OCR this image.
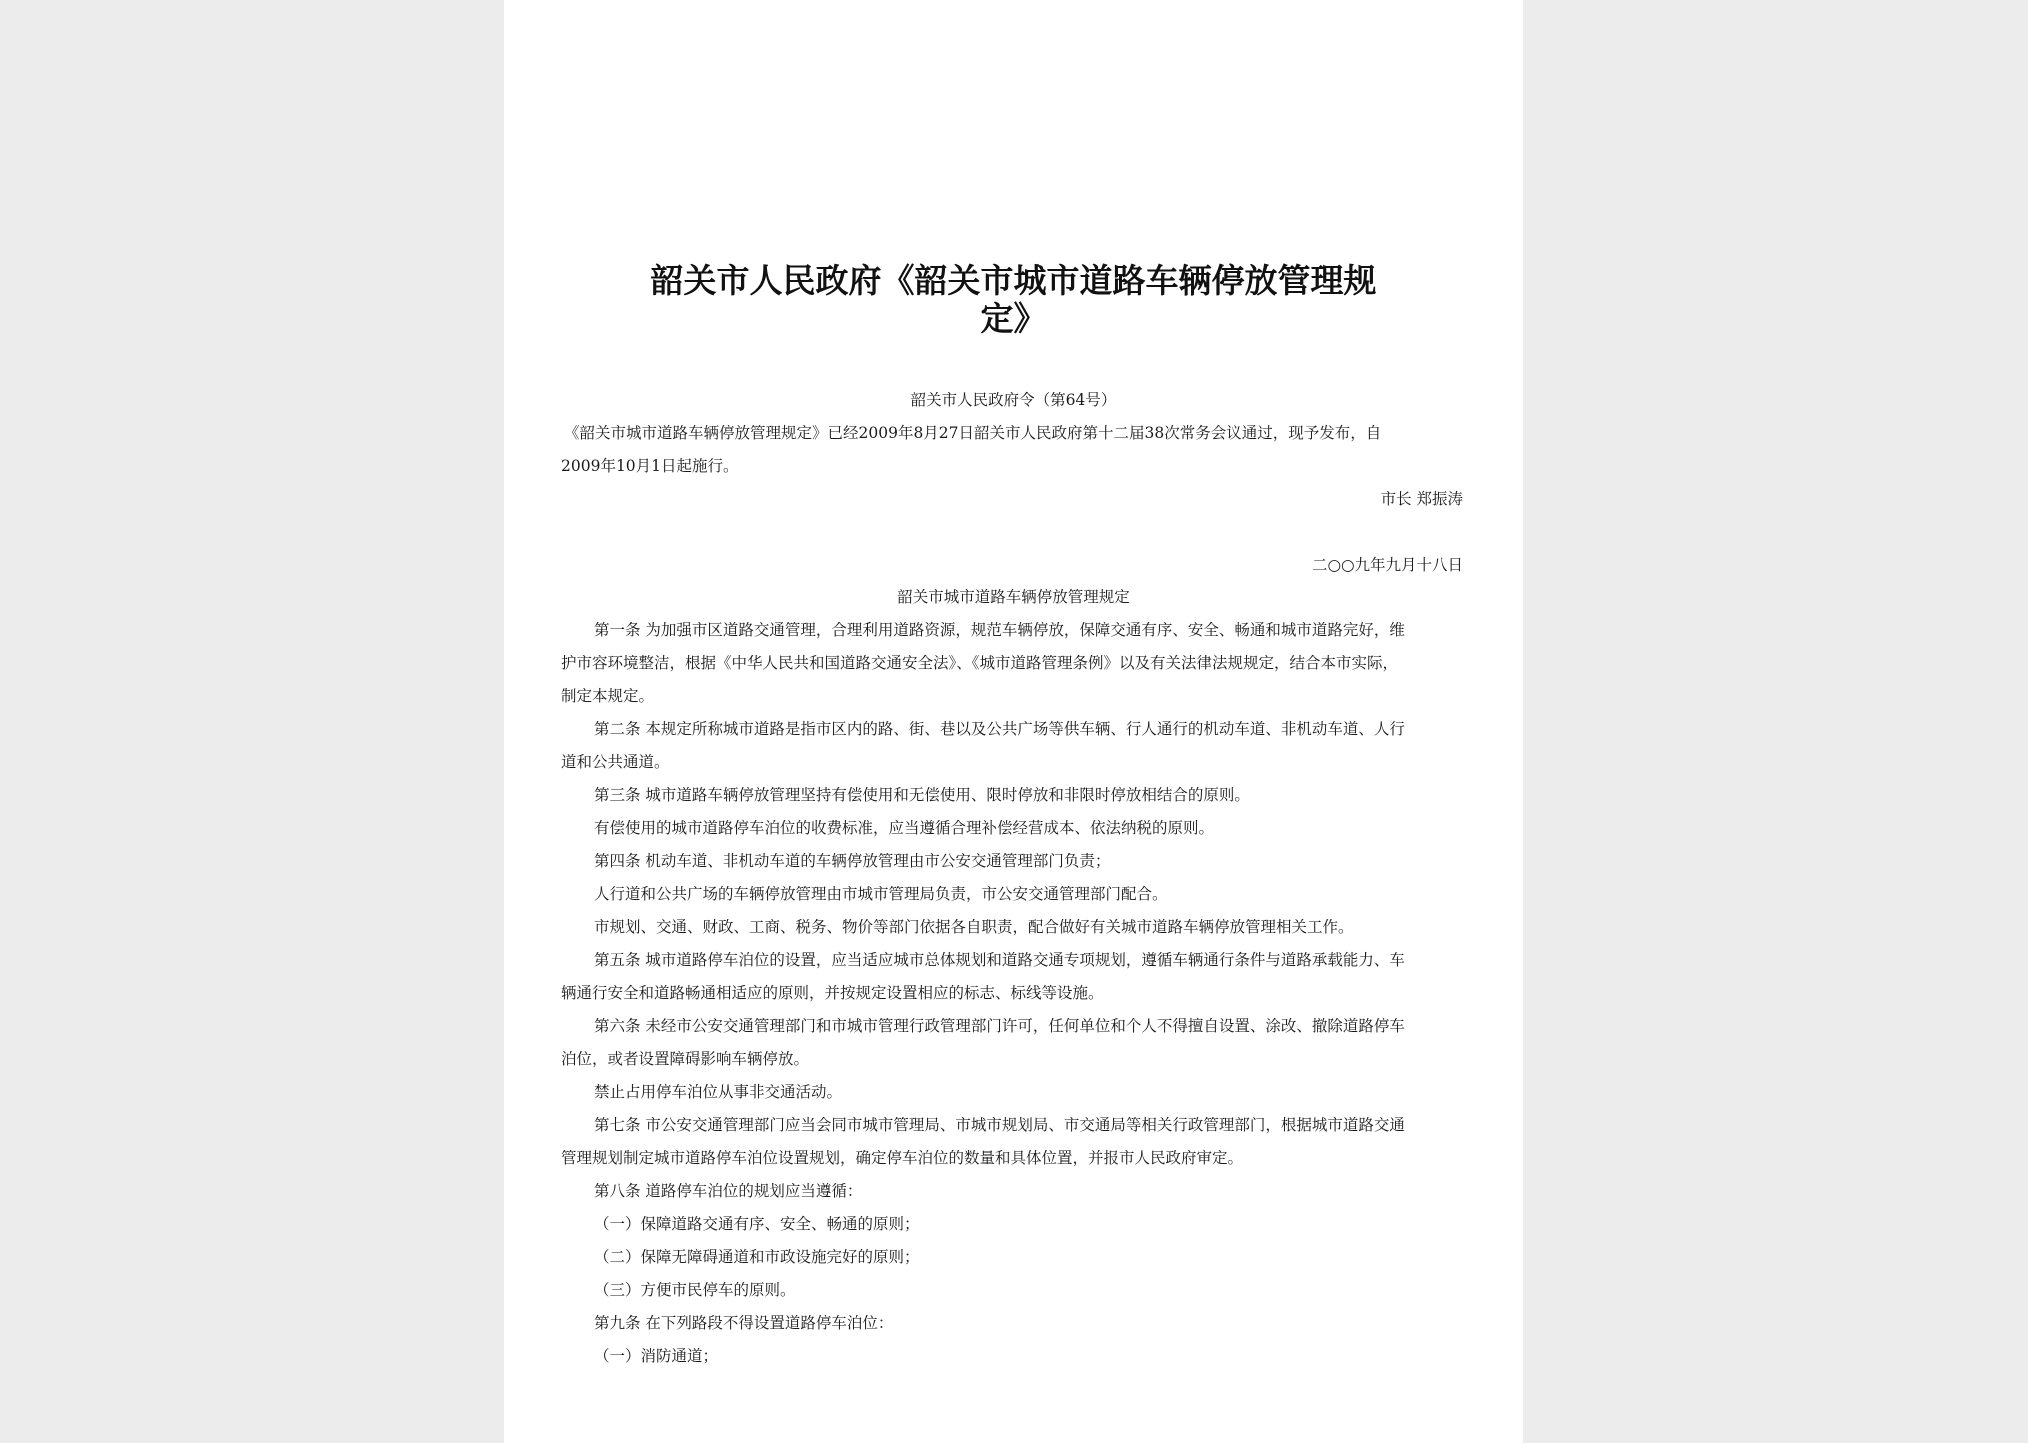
韶关市人民政府《韶关市城市道路车辆停放管理规
定》

韶关市人民政府令（第64号）

《韶关市城市道路车辆停放管理规定》已经2009年8月27日韶关市人民政府第十二届38次常务会议通过，现予发布，自

2009年10月1日起施行。

市长 郑振涛

二○○九年九月十八日

韶关市城市道路车辆停放管理规定

第一条 为加强市区道路交通管理，合理利用道路资源，规范车辆停放，保障交通有序、安全、畅通和城市道路完好，维

护市容环境整洁，根据《中华人民共和国道路交通安全法》、《城市道路管理条例》以及有关法律法规规定，结合本市实际，

制定本规定。

第二条 本规定所称城市道路是指市区内的路、街、巷以及公共广场等供车辆、行人通行的机动车道、非机动车道、人行

道和公共通道。

第三条 城市道路车辆停放管理坚持有偿使用和无偿使用、限时停放和非限时停放相结合的原则。

有偿使用的城市道路停车泊位的收费标准，应当遵循合理补偿经营成本、依法纳税的原则。

第四条 机动车道、非机动车道的车辆停放管理由市公安交通管理部门负责；

人行道和公共广场的车辆停放管理由市城市管理局负责，市公安交通管理部门配合。

市规划、交通、财政、工商、税务、物价等部门依据各自职责，配合做好有关城市道路车辆停放管理相关工作。

第五条 城市道路停车泊位的设置，应当适应城市总体规划和道路交通专项规划，遵循车辆通行条件与道路承载能力、车

辆通行安全和道路畅通相适应的原则，并按规定设置相应的标志、标线等设施。

第六条 未经市公安交通管理部门和市城市管理行政管理部门许可，任何单位和个人不得擅自设置、涂改、撤除道路停车

泊位，或者设置障碍影响车辆停放。

禁止占用停车泊位从事非交通活动。

第七条 市公安交通管理部门应当会同市城市管理局、市城市规划局、市交通局等相关行政管理部门，根据城市道路交通

管理规划制定城市道路停车泊位设置规划，确定停车泊位的数量和具体位置，并报市人民政府审定。

第八条 道路停车泊位的规划应当遵循：

（一）保障道路交通有序、安全、畅通的原则；

（二）保障无障碍通道和市政设施完好的原则；

（三）方便市民停车的原则。

第九条 在下列路段不得设置道路停车泊位：

（一）消防通道；
